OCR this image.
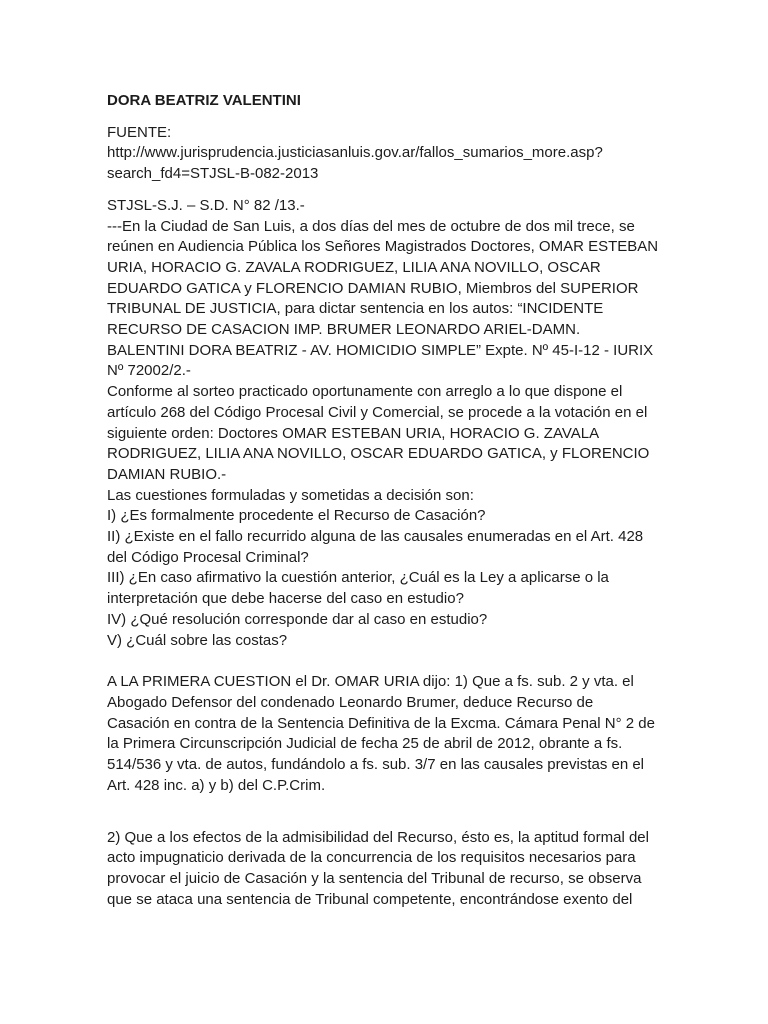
DORA BEATRIZ VALENTINI

FUENTE:
http://www.jurisprudencia.justiciasanluis.gov.ar/fallos_sumarios_more.asp?
search_fd4=STJSL-B-082-2013
STJSL-S.J. – S.D. N° 82 /13.-
---En la Ciudad de San Luis, a dos días del mes de octubre de dos mil trece, se
reúnen en Audiencia Pública los Señores Magistrados Doctores, OMAR ESTEBAN
URIA, HORACIO G. ZAVALA RODRIGUEZ, LILIA ANA NOVILLO, OSCAR
EDUARDO GATICA y FLORENCIO DAMIAN RUBIO, Miembros del SUPERIOR
TRIBUNAL DE JUSTICIA, para dictar sentencia en los autos: “INCIDENTE
RECURSO DE CASACION IMP. BRUMER LEONARDO ARIEL-DAMN.
BALENTINI DORA BEATRIZ - AV. HOMICIDIO SIMPLE” Expte. Nº 45-I-12 - IURIX
Nº 72002/2.-
Conforme al sorteo practicado oportunamente con arreglo a lo que dispone el
artículo 268 del Código Procesal Civil y Comercial, se procede a la votación en el
siguiente orden: Doctores OMAR ESTEBAN URIA, HORACIO G. ZAVALA
RODRIGUEZ, LILIA ANA NOVILLO, OSCAR EDUARDO GATICA, y FLORENCIO
DAMIAN RUBIO.-
Las cuestiones formuladas y sometidas a decisión son:
I) ¿Es formalmente procedente el Recurso de Casación?
II) ¿Existe en el fallo recurrido alguna de las causales enumeradas en el Art. 428
del Código Procesal Criminal?
III) ¿En caso afirmativo la cuestión anterior, ¿Cuál es la Ley a aplicarse o la
interpretación que debe hacerse del caso en estudio?
IV) ¿Qué resolución corresponde dar al caso en estudio?
V) ¿Cuál sobre las costas?
A LA PRIMERA CUESTION el Dr. OMAR URIA dijo: 1) Que a fs. sub. 2 y vta. el
Abogado Defensor del condenado Leonardo Brumer, deduce Recurso de
Casación en contra de la Sentencia Definitiva de la Excma. Cámara Penal N° 2 de
la Primera Circunscripción Judicial de fecha 25 de abril de 2012, obrante a fs.
514/536 y vta. de autos, fundándolo a fs. sub. 3/7 en las causales previstas en el
Art. 428 inc. a) y b) del C.P.Crim.
2) Que a los efectos de la admisibilidad del Recurso, ésto es, la aptitud formal del
acto impugnaticio derivada de la concurrencia de los requisitos necesarios para
provocar el juicio de Casación y la sentencia del Tribunal de recurso, se observa
que se ataca una sentencia de Tribunal competente, encontrándose exento del
